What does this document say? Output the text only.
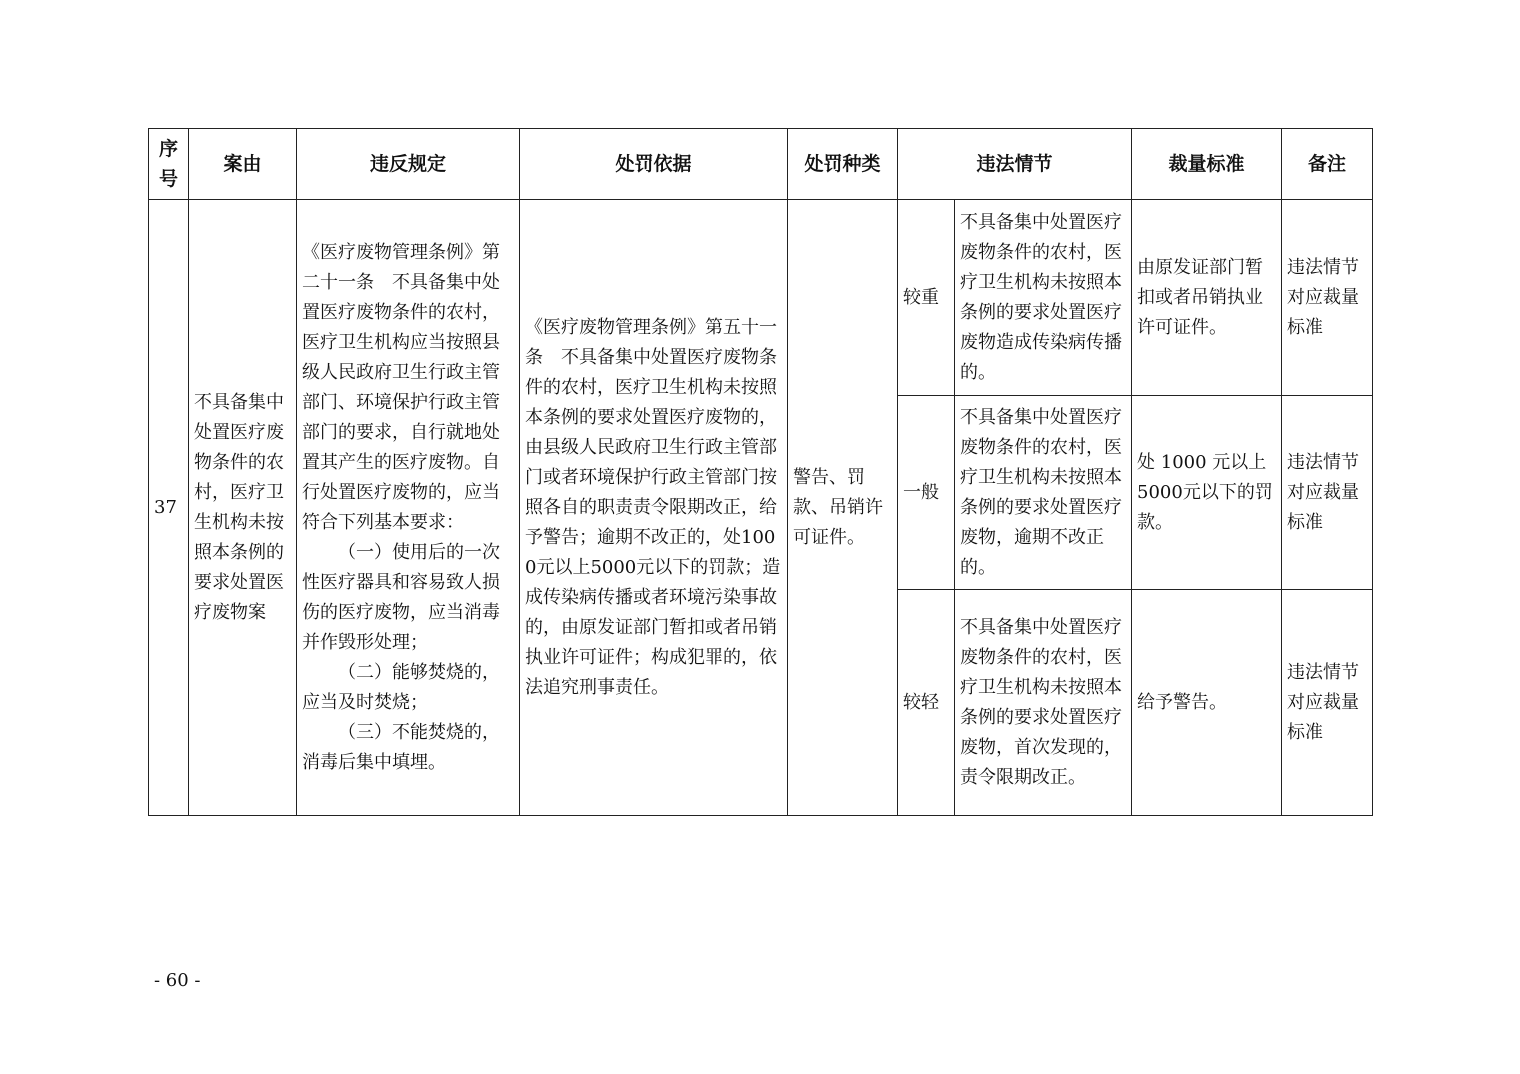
序号	案由	违反规定	处罚依据	处罚种类	违法情节		裁量标准	备注
37	不具备集中处置医疗废物条件的农村，医疗卫生机构未按照本条例的要求处置医疗废物案	《医疗废物管理条例》第二十一条　不具备集中处置医疗废物条件的农村，医疗卫生机构应当按照县级人民政府卫生行政主管部门、环境保护行政主管部门的要求，自行就地处置其产生的医疗废物。自行处置医疗废物的，应当符合下列基本要求：
（一）使用后的一次性医疗器具和容易致人损伤的医疗废物，应当消毒并作毁形处理；
（二）能够焚烧的，应当及时焚烧；
（三）不能焚烧的，消毒后集中填埋。	《医疗废物管理条例》第五十一条　不具备集中处置医疗废物条件的农村，医疗卫生机构未按照本条例的要求处置医疗废物的，由县级人民政府卫生行政主管部门或者环境保护行政主管部门按照各自的职责责令限期改正，给予警告；逾期不改正的，处1000元以上5000元以下的罚款；造成传染病传播或者环境污染事故的，由原发证部门暂扣或者吊销执业许可证件；构成犯罪的，依法追究刑事责任。	警告、罚款、吊销许可证件。	较重	不具备集中处置医疗废物条件的农村，医疗卫生机构未按照本条例的要求处置医疗废物造成传染病传播的。	由原发证部门暂扣或者吊销执业许可证件。	违法情节对应裁量标准
					一般	不具备集中处置医疗废物条件的农村，医疗卫生机构未按照本条例的要求处置医疗废物，逾期不改正的。	处 1000 元以上5000元以下的罚款。	违法情节对应裁量标准
					较轻	不具备集中处置医疗废物条件的农村，医疗卫生机构未按照本条例的要求处置医疗废物，首次发现的，责令限期改正。	给予警告。	违法情节对应裁量标准
- 60 -
